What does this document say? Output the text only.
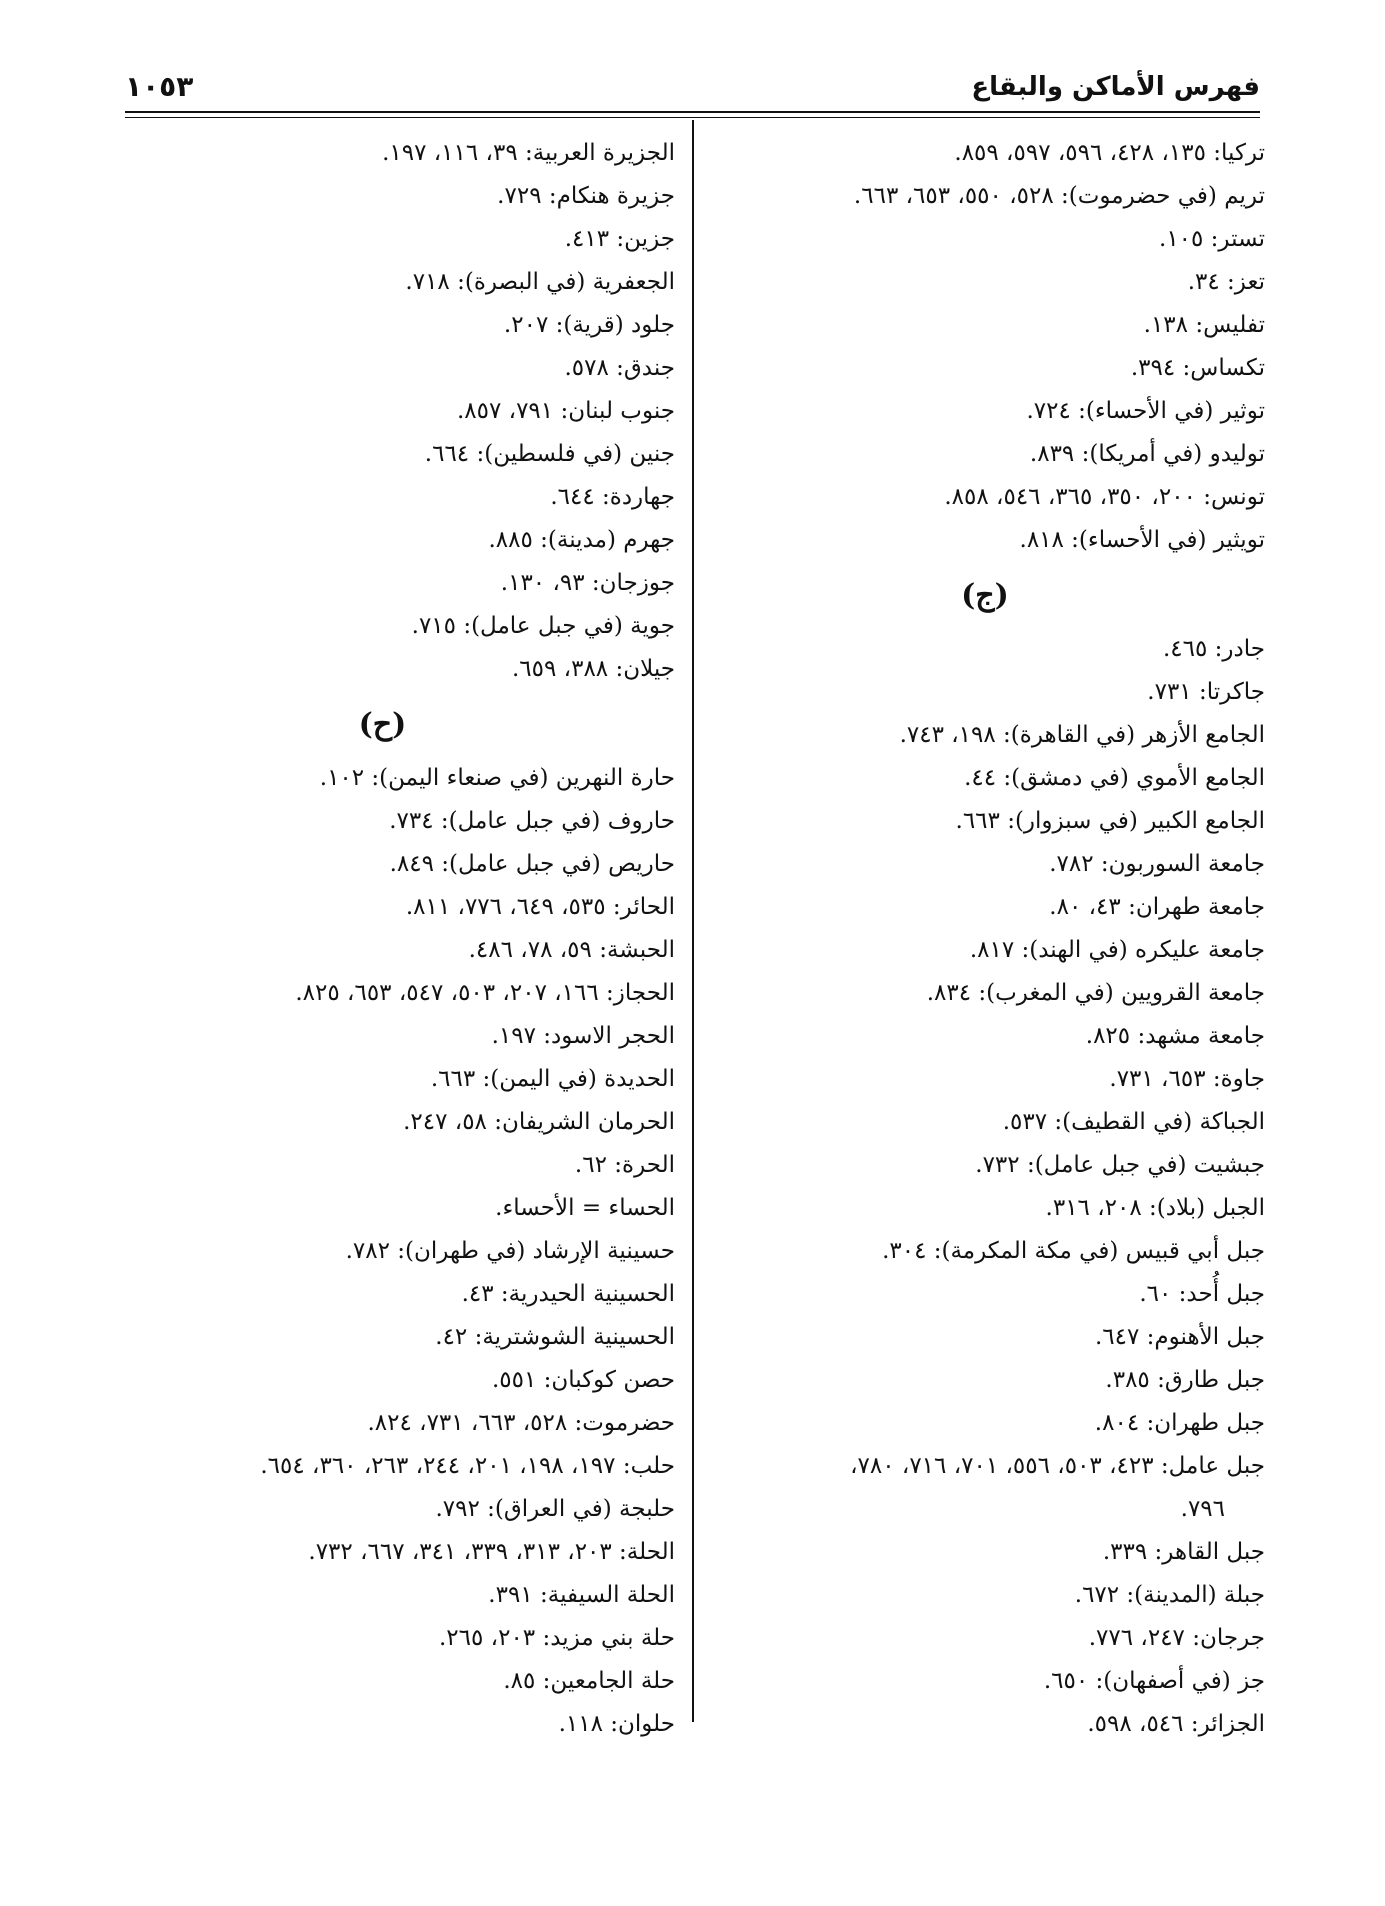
فهرس الأماكن والبقاع
١٠٥٣
تركيا: ١٣٥، ٤٢٨، ٥٩٦، ٥٩٧، ٨٥٩.
تريم (في حضرموت): ٥٢٨، ٥٥٠، ٦٥٣، ٦٦٣.
تستر: ١٠٥.
تعز: ٣٤.
تفليس: ١٣٨.
تكساس: ٣٩٤.
توثير (في الأحساء): ٧٢٤.
توليدو (في أمريكا): ٨٣٩.
تونس: ٢٠٠، ٣٥٠، ٣٦٥، ٥٤٦، ٨٥٨.
تويثير (في الأحساء): ٨١٨.
(ج)
جادر: ٤٦٥.
جاكرتا: ٧٣١.
الجامع الأزهر (في القاهرة): ١٩٨، ٧٤٣.
الجامع الأموي (في دمشق): ٤٤.
الجامع الكبير (في سبزوار): ٦٦٣.
جامعة السوربون: ٧٨٢.
جامعة طهران: ٤٣، ٨٠.
جامعة عليكره (في الهند): ٨١٧.
جامعة القرويين (في المغرب): ٨٣٤.
جامعة مشهد: ٨٢٥.
جاوة: ٦٥٣، ٧٣١.
الجباكة (في القطيف): ٥٣٧.
جبشيت (في جبل عامل): ٧٣٢.
الجبل (بلاد): ٢٠٨، ٣١٦.
جبل أبي قبيس (في مكة المكرمة): ٣٠٤.
جبل أُحد: ٦٠.
جبل الأهنوم: ٦٤٧.
جبل طارق: ٣٨٥.
جبل طهران: ٨٠٤.
جبل عامل: ٤٢٣، ٥٠٣، ٥٥٦، ٧٠١، ٧١٦، ٧٨٠،
٧٩٦.
جبل القاهر: ٣٣٩.
جبلة (المدينة): ٦٧٢.
جرجان: ٢٤٧، ٧٧٦.
جز (في أصفهان): ٦٥٠.
الجزائر: ٥٤٦، ٥٩٨.
الجزيرة العربية: ٣٩، ١١٦، ١٩٧.
جزيرة هنكام: ٧٢٩.
جزين: ٤١٣.
الجعفرية (في البصرة): ٧١٨.
جلود (قرية): ٢٠٧.
جندق: ٥٧٨.
جنوب لبنان: ٧٩١، ٨٥٧.
جنين (في فلسطين): ٦٦٤.
جهاردة: ٦٤٤.
جهرم (مدينة): ٨٨٥.
جوزجان: ٩٣، ١٣٠.
جوية (في جبل عامل): ٧١٥.
جيلان: ٣٨٨، ٦٥٩.
(ح)
حارة النهرين (في صنعاء اليمن): ١٠٢.
حاروف (في جبل عامل): ٧٣٤.
حاريص (في جبل عامل): ٨٤٩.
الحائر: ٥٣٥، ٦٤٩، ٧٧٦، ٨١١.
الحبشة: ٥٩، ٧٨، ٤٨٦.
الحجاز: ١٦٦، ٢٠٧، ٥٠٣، ٥٤٧، ٦٥٣، ٨٢٥.
الحجر الاسود: ١٩٧.
الحديدة (في اليمن): ٦٦٣.
الحرمان الشريفان: ٥٨، ٢٤٧.
الحرة: ٦٢.
الحساء = الأحساء.
حسينية الإرشاد (في طهران): ٧٨٢.
الحسينية الحيدرية: ٤٣.
الحسينية الشوشترية: ٤٢.
حصن كوكبان: ٥٥١.
حضرموت: ٥٢٨، ٦٦٣، ٧٣١، ٨٢٤.
حلب: ١٩٧، ١٩٨، ٢٠١، ٢٤٤، ٢٦٣، ٣٦٠، ٦٥٤.
حلبجة (في العراق): ٧٩٢.
الحلة: ٢٠٣، ٣١٣، ٣٣٩، ٣٤١، ٦٦٧، ٧٣٢.
الحلة السيفية: ٣٩١.
حلة بني مزيد: ٢٠٣، ٢٦٥.
حلة الجامعين: ٨٥.
حلوان: ١١٨.
